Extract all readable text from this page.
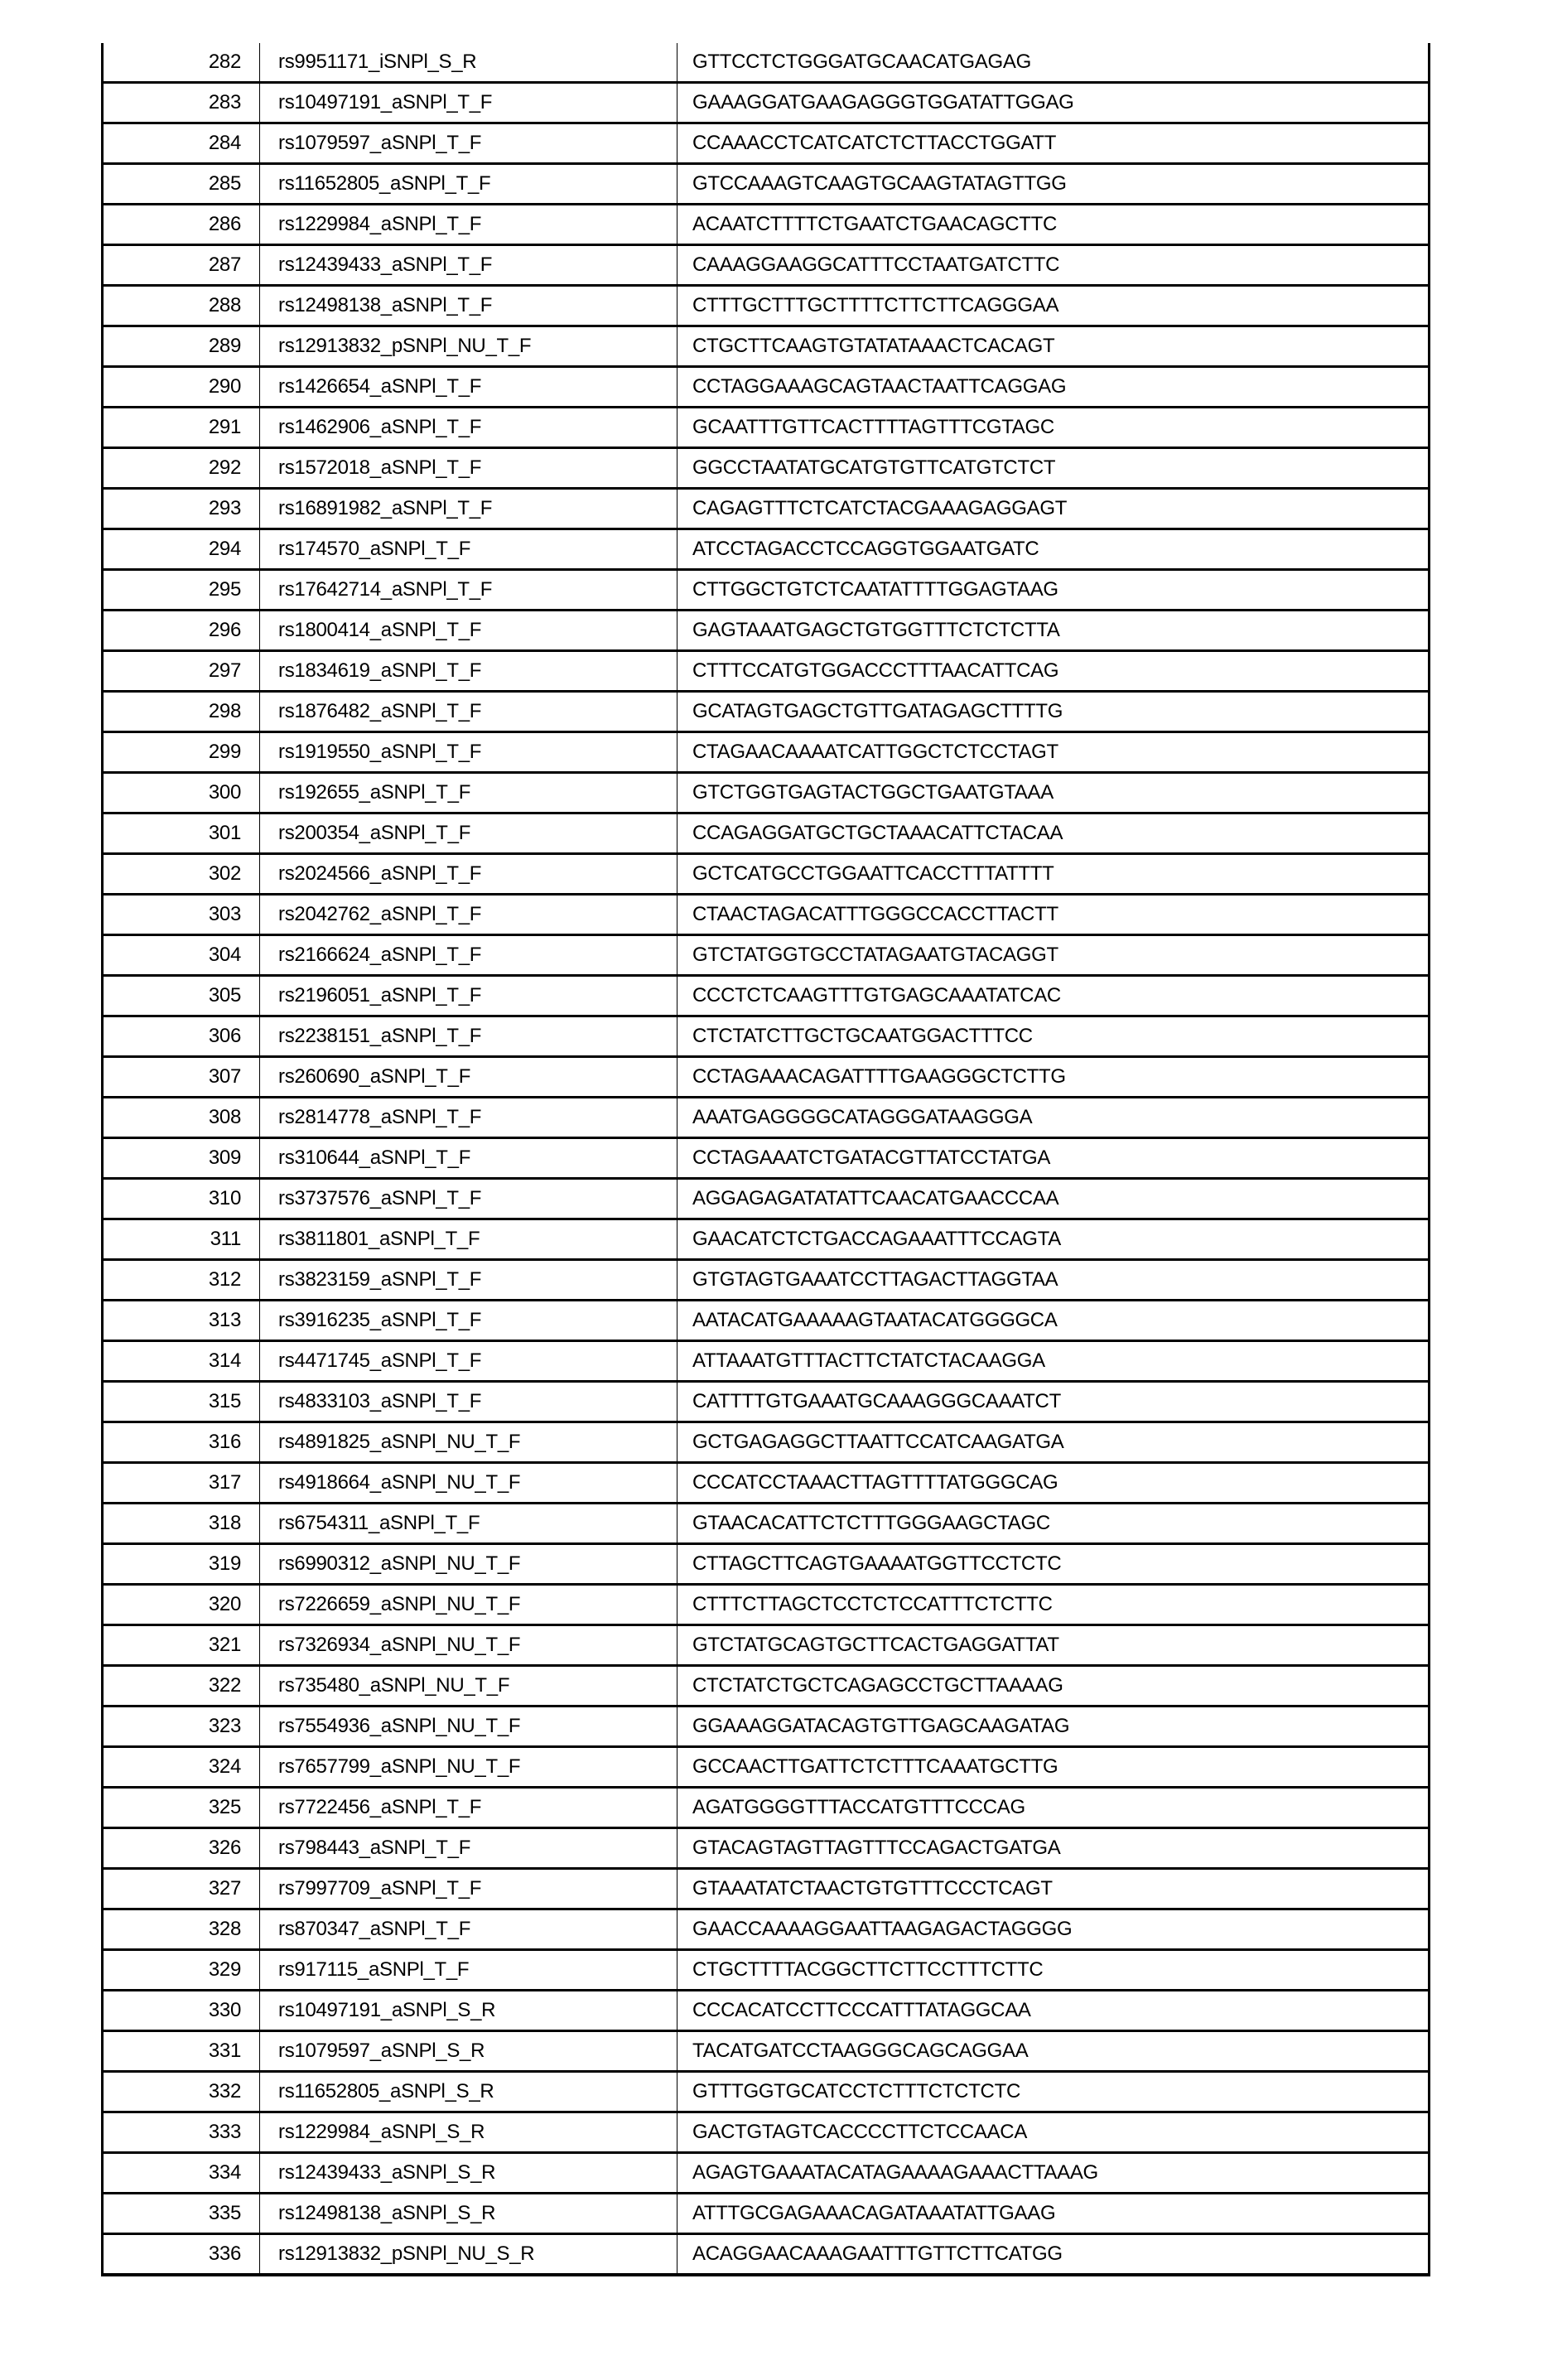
282	rs9951171_iSNPl_S_R	GTTCCTCTGGGATGCAACATGAGAG
283	rs10497191_aSNPl_T_F	GAAAGGATGAAGAGGGTGGATATTGGAG
284	rs1079597_aSNPl_T_F	CCAAACCTCATCATCTCTTACCTGGATT
285	rs11652805_aSNPl_T_F	GTCCAAAGTCAAGTGCAAGTATAGTTGG
286	rs1229984_aSNPl_T_F	ACAATCTTTTCTGAATCTGAACAGCTTC
287	rs12439433_aSNPl_T_F	CAAAGGAAGGCATTTCCTAATGATCTTC
288	rs12498138_aSNPl_T_F	CTTTGCTTTGCTTTTCTTCTTCAGGGAA
289	rs12913832_pSNPl_NU_T_F	CTGCTTCAAGTGTATATAAACTCACAGT
290	rs1426654_aSNPl_T_F	CCTAGGAAAGCAGTAACTAATTCAGGAG
291	rs1462906_aSNPl_T_F	GCAATTTGTTCACTTTTAGTTTCGTAGC
292	rs1572018_aSNPl_T_F	GGCCTAATATGCATGTGTTCATGTCTCT
293	rs16891982_aSNPl_T_F	CAGAGTTTCTCATCTACGAAAGAGGAGT
294	rs174570_aSNPl_T_F	ATCCTAGACCTCCAGGTGGAATGATC
295	rs17642714_aSNPl_T_F	CTTGGCTGTCTCAATATTTTGGAGTAAG
296	rs1800414_aSNPl_T_F	GAGTAAATGAGCTGTGGTTTCTCTCTTA
297	rs1834619_aSNPl_T_F	CTTTCCATGTGGACCCTTTAACATTCAG
298	rs1876482_aSNPl_T_F	GCATAGTGAGCTGTTGATAGAGCTTTTG
299	rs1919550_aSNPl_T_F	CTAGAACAAAATCATTGGCTCTCCTAGT
300	rs192655_aSNPl_T_F	GTCTGGTGAGTACTGGCTGAATGTAAA
301	rs200354_aSNPl_T_F	CCAGAGGATGCTGCTAAACATTCTACAA
302	rs2024566_aSNPl_T_F	GCTCATGCCTGGAATTCACCTTTATTTT
303	rs2042762_aSNPl_T_F	CTAACTAGACATTTGGGCCACCTTACTT
304	rs2166624_aSNPl_T_F	GTCTATGGTGCCTATAGAATGTACAGGT
305	rs2196051_aSNPl_T_F	CCCTCTCAAGTTTGTGAGCAAATATCAC
306	rs2238151_aSNPl_T_F	CTCTATCTTGCTGCAATGGACTTTCC
307	rs260690_aSNPl_T_F	CCTAGAAACAGATTTTGAAGGGCTCTTG
308	rs2814778_aSNPl_T_F	AAATGAGGGGCATAGGGATAAGGGA
309	rs310644_aSNPl_T_F	CCTAGAAATCTGATACGTTATCCTATGA
310	rs3737576_aSNPl_T_F	AGGAGAGATATATTCAACATGAACCCAA
311	rs3811801_aSNPl_T_F	GAACATCTCTGACCAGAAATTTCCAGTA
312	rs3823159_aSNPl_T_F	GTGTAGTGAAATCCTTAGACTTAGGTAA
313	rs3916235_aSNPl_T_F	AATACATGAAAAAGTAATACATGGGGCA
314	rs4471745_aSNPl_T_F	ATTAAATGTTTACTTCTATCTACAAGGA
315	rs4833103_aSNPl_T_F	CATTTTGTGAAATGCAAAGGGCAAATCT
316	rs4891825_aSNPl_NU_T_F	GCTGAGAGGCTTAATTCCATCAAGATGA
317	rs4918664_aSNPl_NU_T_F	CCCATCCTAAACTTAGTTTTATGGGCAG
318	rs6754311_aSNPl_T_F	GTAACACATTCTCTTTGGGAAGCTAGC
319	rs6990312_aSNPl_NU_T_F	CTTAGCTTCAGTGAAAATGGTTCCTCTC
320	rs7226659_aSNPl_NU_T_F	CTTTCTTAGCTCCTCTCCATTTCTCTTC
321	rs7326934_aSNPl_NU_T_F	GTCTATGCAGTGCTTCACTGAGGATTAT
322	rs735480_aSNPl_NU_T_F	CTCTATCTGCTCAGAGCCTGCTTAAAAG
323	rs7554936_aSNPl_NU_T_F	GGAAAGGATACAGTGTTGAGCAAGATAG
324	rs7657799_aSNPl_NU_T_F	GCCAACTTGATTCTCTTTCAAATGCTTG
325	rs7722456_aSNPl_T_F	AGATGGGGTTTACCATGTTTCCCAG
326	rs798443_aSNPl_T_F	GTACAGTAGTTAGTTTCCAGACTGATGA
327	rs7997709_aSNPl_T_F	GTAAATATCTAACTGTGTTTCCCTCAGT
328	rs870347_aSNPl_T_F	GAACCAAAAGGAATTAAGAGACTAGGGG
329	rs917115_aSNPl_T_F	CTGCTTTTACGGCTTCTTCCTTTCTTC
330	rs10497191_aSNPl_S_R	CCCACATCCTTCCCATTTATAGGCAA
331	rs1079597_aSNPl_S_R	TACATGATCCTAAGGGCAGCAGGAA
332	rs11652805_aSNPl_S_R	GTTTGGTGCATCCTCTTTCTCTCTC
333	rs1229984_aSNPl_S_R	GACTGTAGTCACCCCTTCTCCAACA
334	rs12439433_aSNPl_S_R	AGAGTGAAATACATAGAAAAGAAACTTAAAG
335	rs12498138_aSNPl_S_R	ATTTGCGAGAAACAGATAAATATTGAAG
336	rs12913832_pSNPl_NU_S_R	ACAGGAACAAAGAATTTGTTCTTCATGG
